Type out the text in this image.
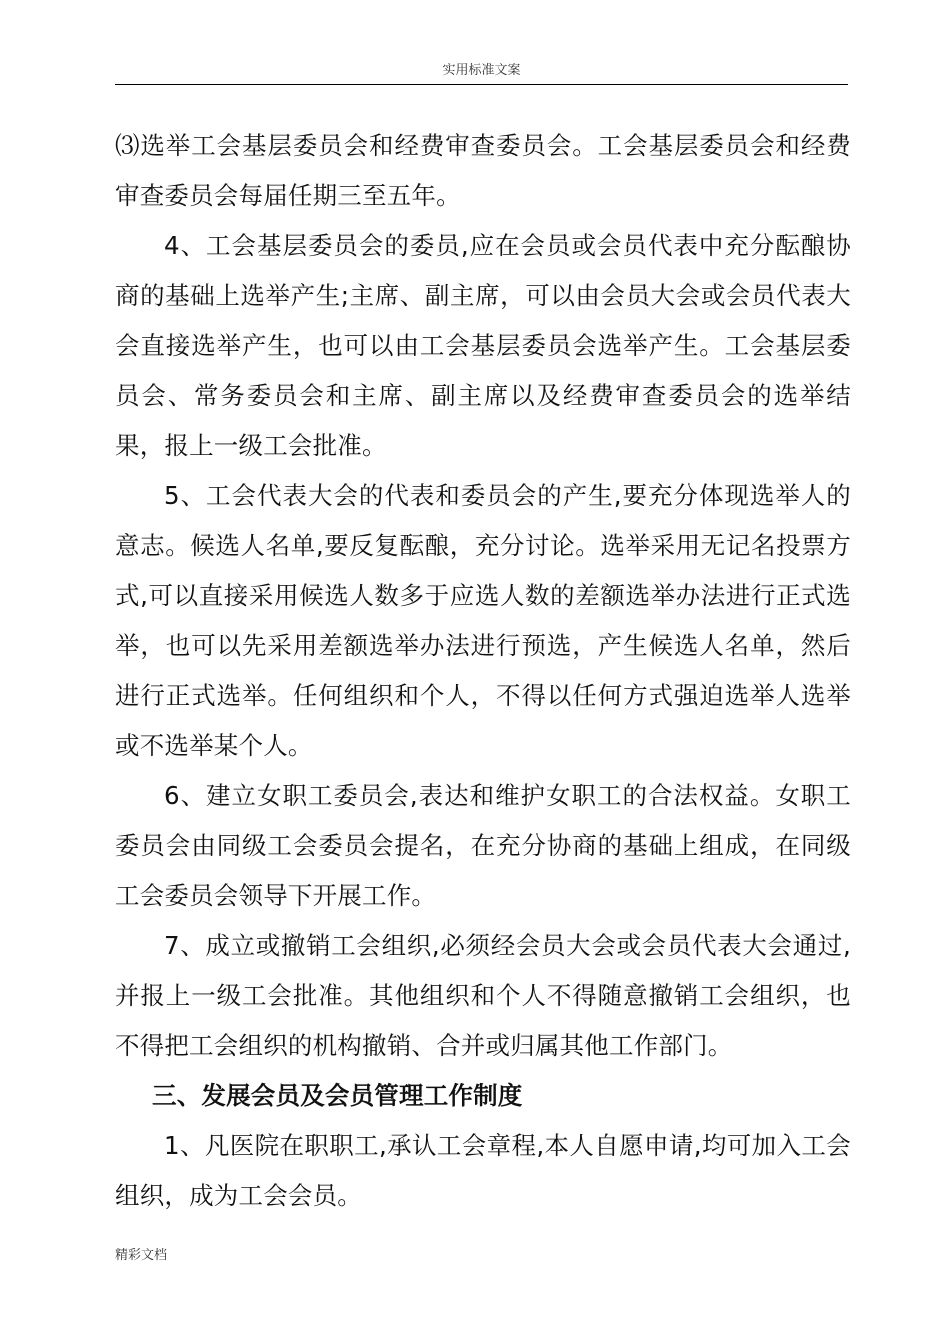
实用标准文案

⑶选举工会基层委员会和经费审查委员会。工会基层委员会和经费审查委员会每届任期三至五年。

4、工会基层委员会的委员,应在会员或会员代表中充分酝酿协商的基础上选举产生;主席、副主席，可以由会员大会或会员代表大会直接选举产生，也可以由工会基层委员会选举产生。工会基层委员会、常务委员会和主席、副主席以及经费审查委员会的选举结果，报上一级工会批准。

5、工会代表大会的代表和委员会的产生,要充分体现选举人的意志。候选人名单,要反复酝酿，充分讨论。选举采用无记名投票方式,可以直接采用候选人数多于应选人数的差额选举办法进行正式选举，也可以先采用差额选举办法进行预选，产生候选人名单，然后进行正式选举。任何组织和个人，不得以任何方式强迫选举人选举或不选举某个人。

6、建立女职工委员会,表达和维护女职工的合法权益。女职工委员会由同级工会委员会提名，在充分协商的基础上组成，在同级工会委员会领导下开展工作。

7、成立或撤销工会组织,必须经会员大会或会员代表大会通过,并报上一级工会批准。其他组织和个人不得随意撤销工会组织，也不得把工会组织的机构撤销、合并或归属其他工作部门。

三、发展会员及会员管理工作制度

1、凡医院在职职工,承认工会章程,本人自愿申请,均可加入工会组织，成为工会会员。

精彩文档
